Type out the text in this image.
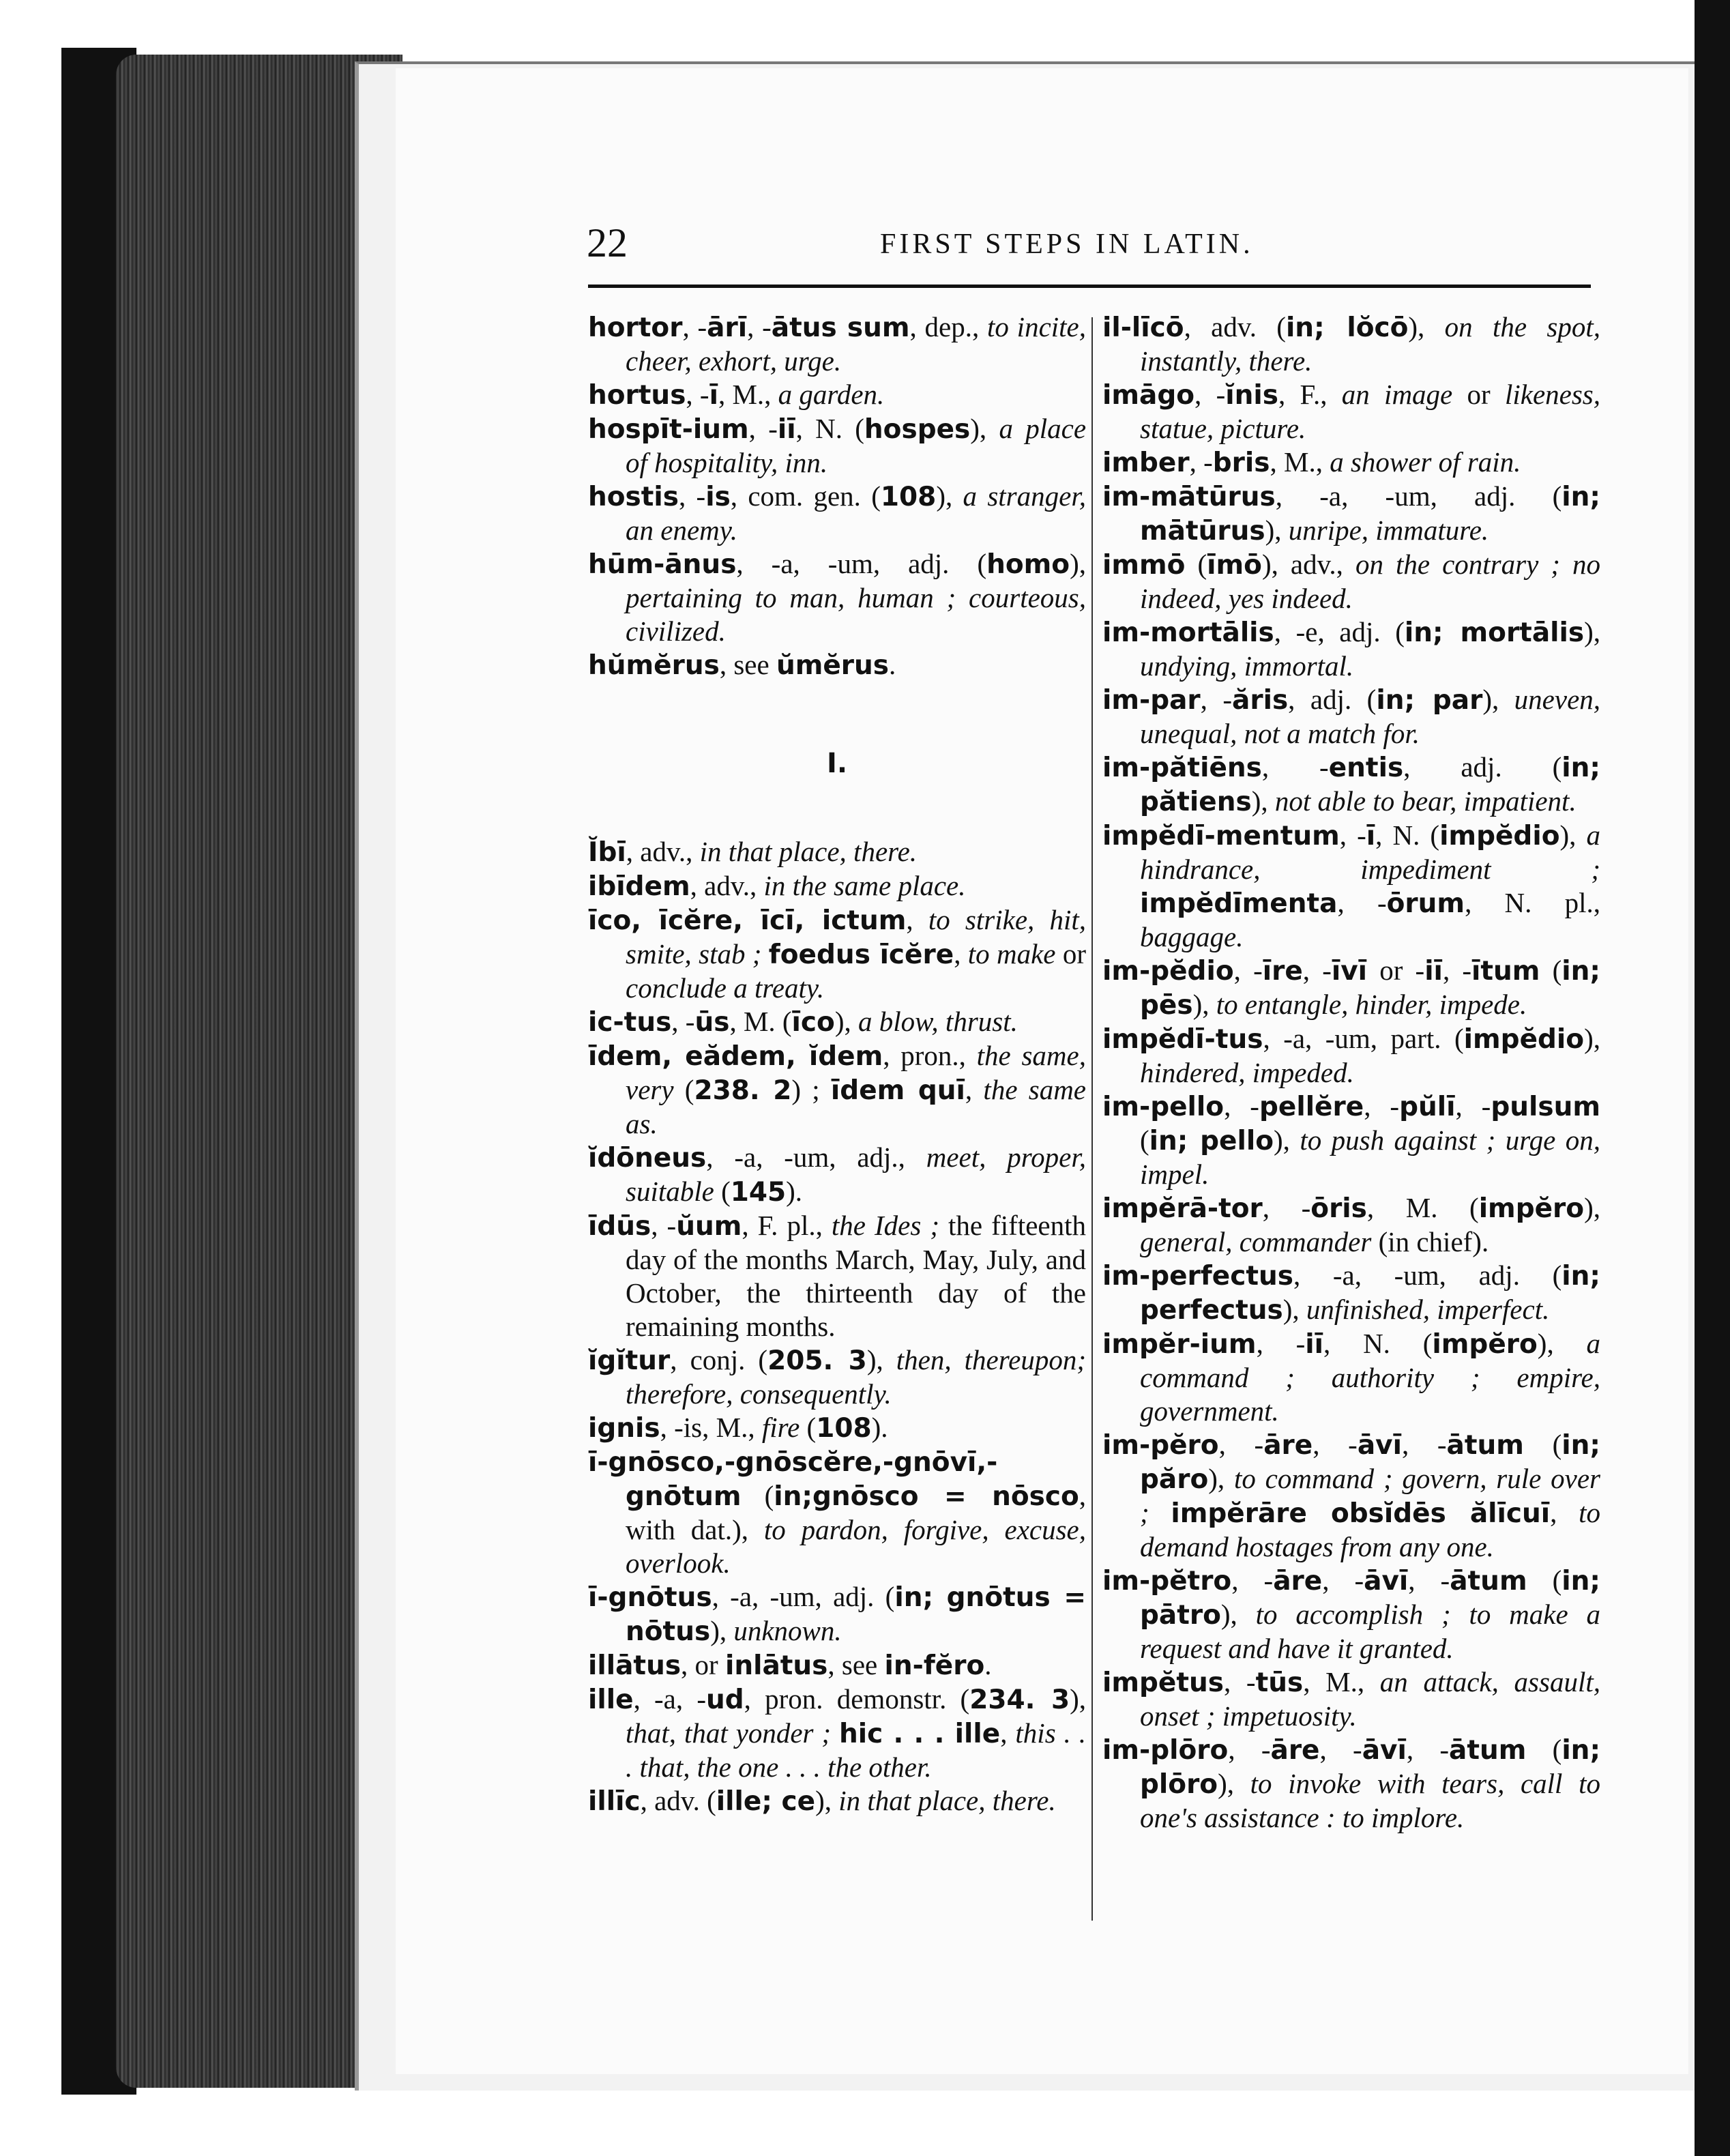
22	FIRST STEPS IN LATIN.
hortor, -ārī, -ātus sum, dep., to incite, cheer, exhort, urge.
hortus, -ī, M., a garden.
hospīt-ium, -iī, N. (hospes), a place of hospitality, inn.
hostis, -is, com. gen. (108), a stranger, an enemy.
hūm-ānus, -a, -um, adj. (homo), pertaining to man, human ; courteous, civilized.
hŭmĕrus, see ŭmĕrus.
I.
Ĭbī, adv., in that place, there.
ibīdem, adv., in the same place.
īco, īcĕre, īcī, ictum, to strike, hit, smite, stab ; foedus īcĕre, to make or conclude a treaty.
ic-tus, -ūs, M. (īco), a blow, thrust.
īdem, eădem, ĭdem, pron., the same, very (238. 2) ; īdem quī, the same as.
ĭdōneus, -a, -um, adj., meet, proper, suitable (145).
īdūs, -ŭum, F. pl., the Ides ; the fifteenth day of the months March, May, July, and October, the thirteenth day of the remaining months.
ĭgĭtur, conj. (205. 3), then, thereupon; therefore, consequently.
ignis, -is, M., fire (108).
ī-gnōsco,-gnōscĕre,-gnōvī,-gnōtum (in;gnōsco = nōsco, with dat.), to pardon, forgive, excuse, overlook.
ī-gnōtus, -a, -um, adj. (in; gnōtus = nōtus), unknown.
illātus, or inlātus, see in-fĕro.
ille, -a, -ud, pron. demonstr. (234. 3), that, that yonder ; hic . . . ille, this . . . that, the one . . . the other.
illīc, adv. (ille; ce), in that place, there.
il-līcō, adv. (in; lŏcō), on the spot, instantly, there.
imāgo, -ĭnis, F., an image or likeness, statue, picture.
imber, -bris, M., a shower of rain.
im-mātūrus, -a, -um, adj. (in; mātūrus), unripe, immature.
immō (īmō), adv., on the contrary ; no indeed, yes indeed.
im-mortālis, -e, adj. (in; mortālis), undying, immortal.
im-par, -ăris, adj. (in; par), uneven, unequal, not a match for.
im-pătiēns, -entis, adj. (in; pătiens), not able to bear, impatient.
impĕdī-mentum, -ī, N. (impĕdio), a hindrance, impediment ; impĕdīmenta, -ōrum, N. pl., baggage.
im-pĕdio, -īre, -īvī or -iī, -ītum (in; pēs), to entangle, hinder, impede.
impĕdī-tus, -a, -um, part. (impĕdio), hindered, impeded.
im-pello, -pellĕre, -pŭlī, -pulsum (in; pello), to push against ; urge on, impel.
impĕrā-tor, -ōris, M. (impĕro), general, commander (in chief).
im-perfectus, -a, -um, adj. (in; perfectus), unfinished, imperfect.
impĕr-ium, -iī, N. (impĕro), a command ; authority ; empire, government.
im-pĕro, -āre, -āvī, -ātum (in; păro), to command ; govern, rule over ; impĕrāre obsĭdēs ălīcuī, to demand hostages from any one.
im-pĕtro, -āre, -āvī, -ātum (in; pātro), to accomplish ; to make a request and have it granted.
impĕtus, -tūs, M., an attack, assault, onset ; impetuosity.
im-plōro, -āre, -āvī, -ātum (in; plōro), to invoke with tears, call to one's assistance : to implore.
